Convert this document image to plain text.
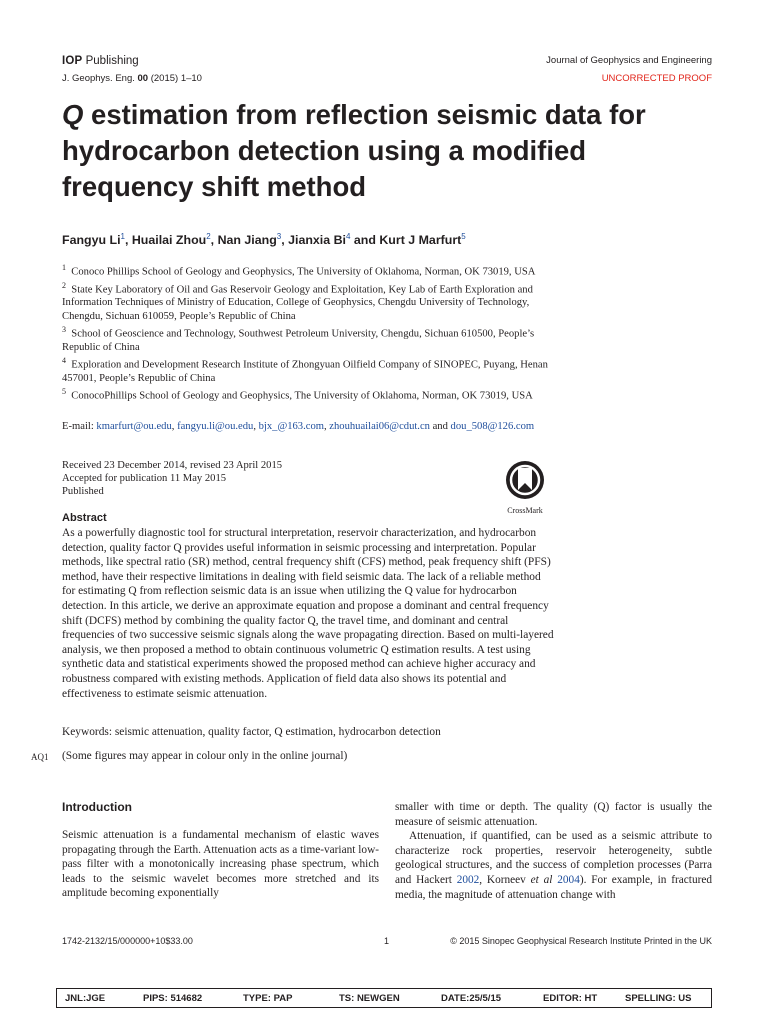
IOP Publishing	Journal of Geophysics and Engineering
J. Geophys. Eng. 00 (2015) 1–10	UNCORRECTED PROOF
Q estimation from reflection seismic data for hydrocarbon detection using a modified frequency shift method
Fangyu Li$^1$, Huailai Zhou$^2$, Nan Jiang$^3$, Jianxia Bi$^4$ and Kurt J Marfurt$^5$

$^1$ Conoco Phillips School of Geology and Geophysics, The University of Oklahoma, Norman, OK 73019, USA

$^2$ State Key Laboratory of Oil and Gas Reservoir Geology and Exploitation, Key Lab of Earth Exploration and Information Techniques of Ministry of Education, College of Geophysics, Chengdu University of Technology, Chengdu, Sichuan 610059, People’s Republic of China

$^3$ School of Geoscience and Technology, Southwest Petroleum University, Chengdu, Sichuan 610500, People’s Republic of China

$^4$ Exploration and Development Research Institute of Zhongyuan Oilfield Company of SINOPEC, Puyang, Henan 457001, People’s Republic of China

$^5$ ConocoPhillips School of Geology and Geophysics, The University of Oklahoma, Norman, OK 73019, USA

E-mail: kmarfurt@ou.edu, fangyu.li@ou.edu, bjx_@163.com, zhouhuailai06@cdut.cn and dou_508@126.com
Received 23 December 2014, revised 23 April 2015
Accepted for publication 11 May 2015
Published
CrossMark
Abstract

As a powerfully diagnostic tool for structural interpretation, reservoir characterization, and hydrocarbon detection, quality factor Q provides useful information in seismic processing and interpretation. Popular methods, like spectral ratio (SR) method, central frequency shift (CFS) method, peak frequency shift (PFS) method, have their respective limitations in dealing with field seismic data. The lack of a reliable method for estimating Q from reflection seismic data is an issue when utilizing the Q value for hydrocarbon detection. In this article, we derive an approximate equation and propose a dominant and central frequency shift (DCFS) method by combining the quality factor Q, the travel time, and dominant and central frequencies of two successive seismic signals along the wave propagating direction. Based on multi-layered analysis, we then proposed a method to obtain continuous volumetric Q estimation results. A test using synthetic data and statistical experiments showed the proposed method can achieve higher accuracy and robustness compared with existing methods. Application of field data also shows its potential and effectiveness to estimate seismic attenuation.

Keywords: seismic attenuation, quality factor, Q estimation, hydrocarbon detection
AQ1 (Some figures may appear in colour only in the online journal)
Introduction
Seismic attenuation is a fundamental mechanism of elastic waves propagating through the Earth. Attenuation acts as a time-variant low-pass filter with a monotonically increasing phase spectrum, which leads to the seismic wavelet becomes more stretched and its amplitude becoming exponentially

smaller with time or depth. The quality (Q) factor is usually the measure of seismic attenuation.

Attenuation, if quantified, can be used as a seismic attribute to characterize rock properties, reservoir heterogeneity, subtle geological structures, and the success of completion processes (Parra and Hackert 2002, Korneev et al 2004). For example, in fractured media, the magnitude of attenuation change with

1742-2132/15/000000+10$33.00	1	© 2015 Sinopec Geophysical Research Institute Printed in the UK
JNL:JGE	PIPS: 514682	TYPE: PAP	TS: NEWGEN	DATE:25/5/15	EDITOR: HT	SPELLING: US
